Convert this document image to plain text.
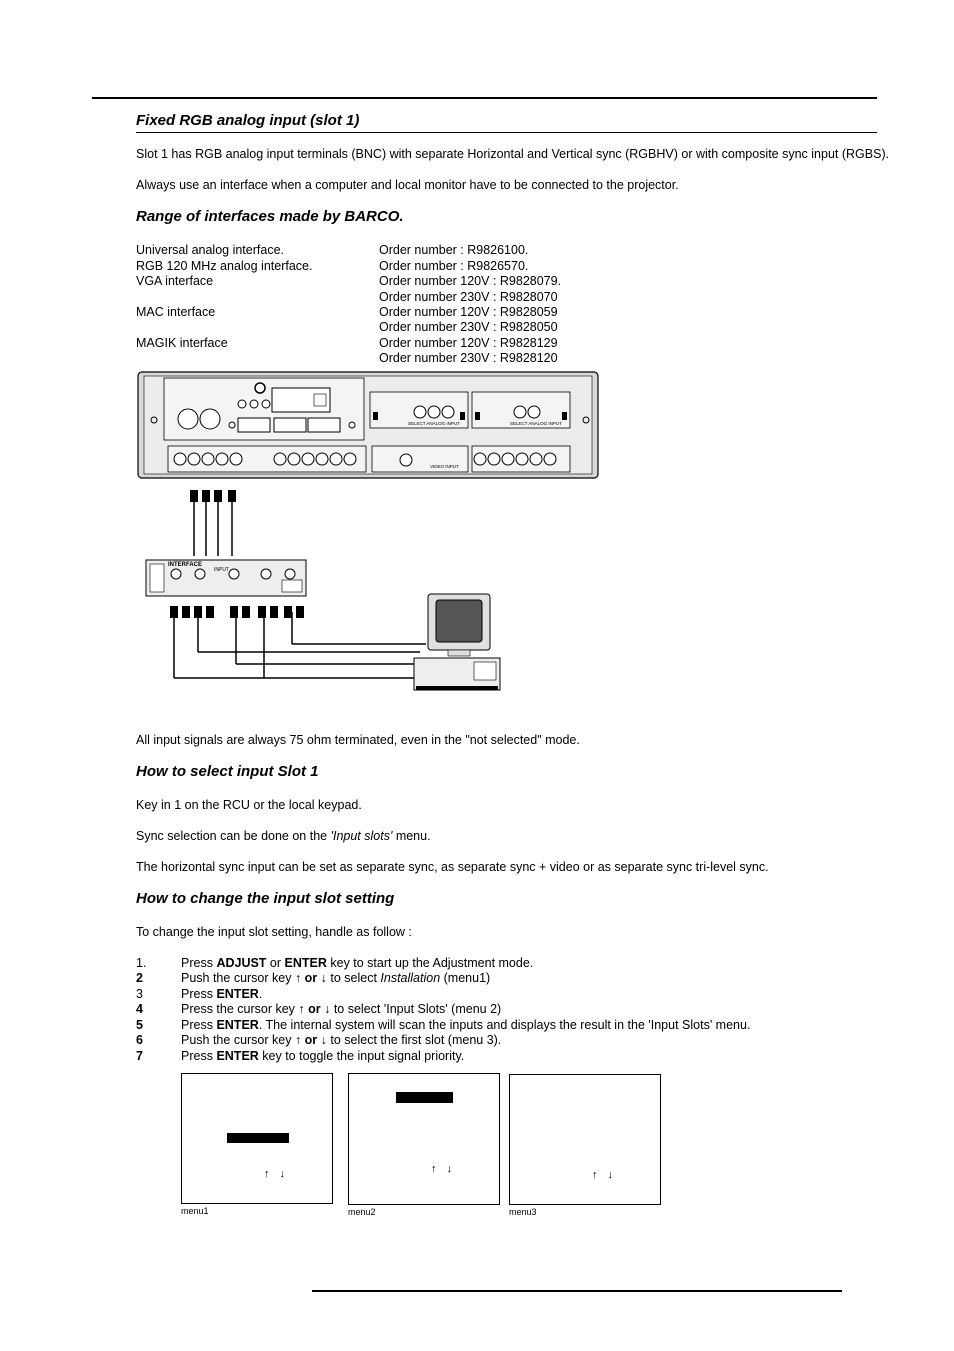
Fixed RGB analog input (slot 1)
Slot 1 has RGB analog input terminals (BNC) with separate Horizontal and Vertical sync (RGBHV) or with composite sync input (RGBS).
Always use an interface when a computer and local monitor have to be connected to the projector.
Range of interfaces made by BARCO.
Universal analog interface.	Order number : R9826100.
RGB 120 MHz analog interface.	Order number : R9826570.
VGA interface	Order number 120V : R9828079.
Order number 230V : R9828070
MAC interface	Order number 120V : R9828059
Order number 230V : R9828050
MAGIK interface	Order number 120V : R9828129
Order number 230V : R9828120
SELECT ANALOG INPUT	SELECT ANALOG INPUT
VIDEO INPUT
INTERFACE
INPUT
All input signals are always 75 ohm terminated, even in the "not selected" mode.
How to select input Slot 1
Key in 1 on the RCU or the local keypad.
Sync selection can be done on the 'Input slots' menu.
The horizontal sync input can be set as separate sync, as separate sync + video or as separate sync tri-level sync.
How to change the input slot setting
To change the input slot setting, handle as follow :
1.	Press ADJUST or ENTER key to start up the Adjustment mode.
2	Push the cursor key ↑ or ↓ to select Installation (menu1)
3	Press ENTER.
4	Press the cursor key ↑ or ↓ to select 'Input Slots' (menu 2)
5	Press ENTER. The internal system will scan the inputs and displays the result in the 'Input Slots' menu.
6	Push the cursor key ↑ or ↓ to select the first slot (menu 3).
7	Press ENTER key to toggle the input signal priority.
↑↓
menu1
↑↓
menu2
↑↓
menu3
